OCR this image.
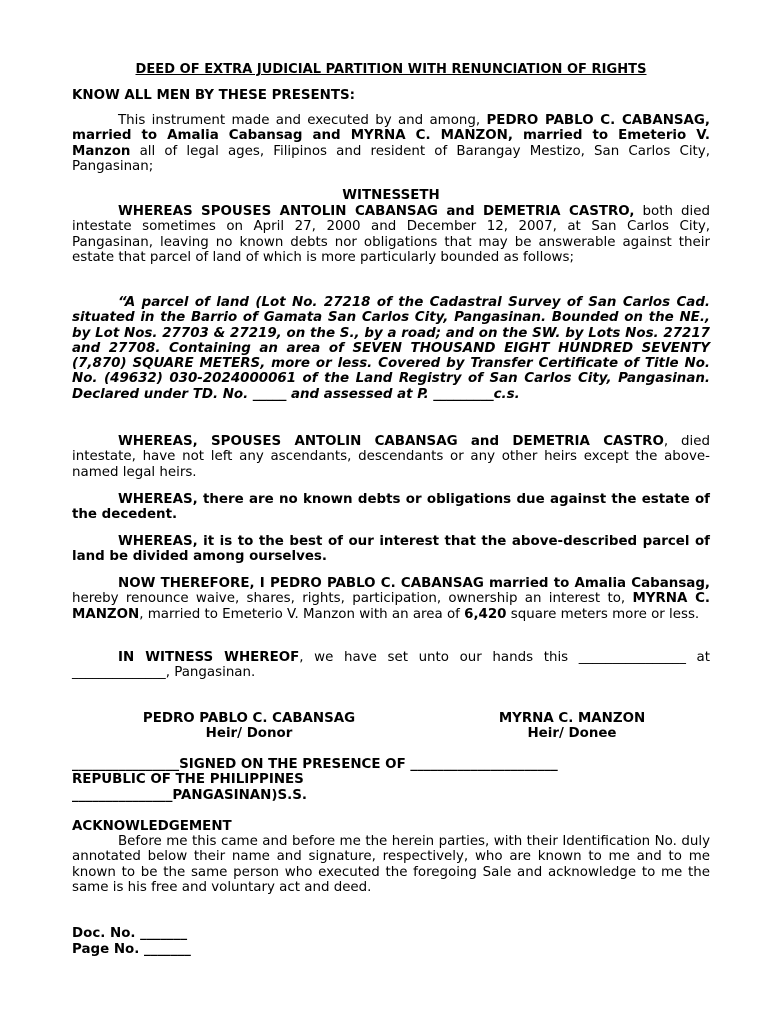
DEED OF EXTRA JUDICIAL PARTITION WITH RENUNCIATION OF RIGHTS

KNOW ALL MEN BY THESE PRESENTS:

This instrument made and executed by and among, PEDRO PABLO C. CABANSAG, married to Amalia Cabansag and MYRNA C. MANZON, married to Emeterio V. Manzon all of legal ages, Filipinos and resident of Barangay Mestizo, San Carlos City, Pangasinan;

WITNESSETH

WHEREAS SPOUSES ANTOLIN CABANSAG and DEMETRIA CASTRO, both died intestate sometimes on April 27, 2000 and December 12, 2007, at San Carlos City, Pangasinan, leaving no known debts nor obligations that may be answerable against their estate that parcel of land of which is more particularly bounded as follows;

“A parcel of land (Lot No. 27218 of the Cadastral Survey of San Carlos Cad. situated in the Barrio of Gamata San Carlos City, Pangasinan. Bounded on the NE., by Lot Nos. 27703 & 27219, on the S., by a road; and on the SW. by Lots Nos. 27217 and 27708. Containing an area of SEVEN THOUSAND EIGHT HUNDRED SEVENTY (7,870) SQUARE METERS, more or less. Covered by Transfer Certificate of Title No. No. (49632) 030-2024000061 of the Land Registry of San Carlos City, Pangasinan. Declared under TD. No. _____ and assessed at P. _________c.s.

WHEREAS, SPOUSES ANTOLIN CABANSAG and DEMETRIA CASTRO, died intestate, have not left any ascendants, descendants or any other heirs except the above-named legal heirs.

WHEREAS, there are no known debts or obligations due against the estate of the decedent.

WHEREAS, it is to the best of our interest that the above-described parcel of land be divided among ourselves.

NOW THEREFORE, I PEDRO PABLO C. CABANSAG married to Amalia Cabansag, hereby renounce waive, shares, rights, participation, ownership an interest to, MYRNA C. MANZON, married to Emeterio V. Manzon with an area of 6,420 square meters more or less.

IN WITNESS WHEREOF, we have set unto our hands this ________________ at ______________, Pangasinan.

PEDRO PABLO C. CABANSAG
Heir/ Donor
MYRNA C. MANZON
Heir/ Donee

________________SIGNED ON THE PRESENCE OF ______________________

REPUBLIC OF THE PHILIPPINES

_______________PANGASINAN)S.S.

ACKNOWLEDGEMENT

Before me this came and before me the herein parties, with their Identification No. duly annotated below their name and signature, respectively, who are known to me and to me known to be the same person who executed the foregoing Sale and acknowledge to me the same is his free and voluntary act and deed.

Doc. No. _______

Page No. _______
